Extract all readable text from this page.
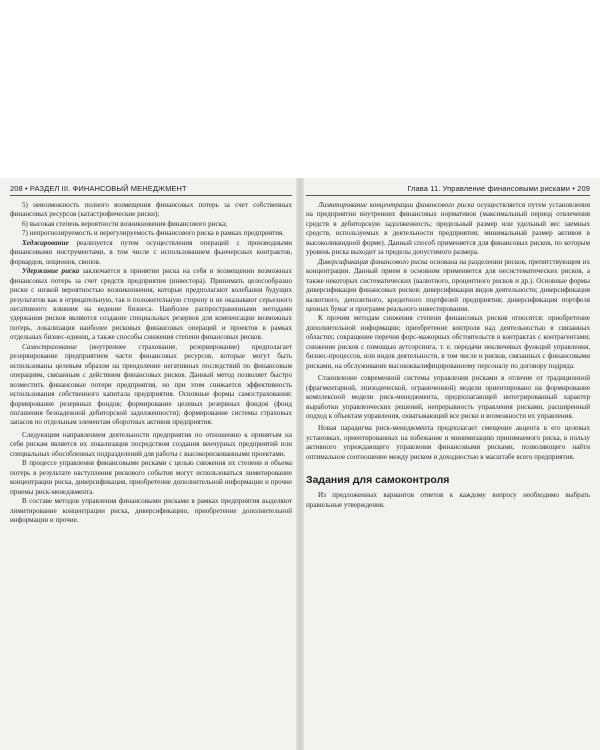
208 • РАЗДЕЛ III. ФИНАНСОВЫЙ МЕНЕДЖМЕНТ

5) невозможность полного возмещения финансовых потерь за счет собственных финансовых ресурсов (катастрофические риски);

6) высокая степень вероятности возникновения финансового риска;

7) непрогнозируемость и нерегулируемость финансового риска в рамках предприятия.

Хеджирование реализуется путем осуществления операций с производными финансовыми инструментами, в том числе с использованием фьючерсных контрактов, форвардов, опционов, свопов.

Удержание риска заключается в принятии риска на себя и возмещении возможных финансовых потерь за счет средств предприятия (инвестора). Принимать целесообразно риски с низкой вероятностью возникновения, которые предполагают колебания будущих результатов как в отрицательную, так и положительную сторону и не оказывают серьезного негативного влияния на ведение бизнеса. Наиболее распространенными методами удержания рисков являются создание специальных резервов для компенсации возможных потерь, локализация наиболее рисковых финансовых операций и проектов в рамках отдельных бизнес-единиц, а также способы снижения степени финансовых рисков.

Самострахование (внутреннее страхование, резервирование) предполагает резервирование предприятием части финансовых ресурсов, которые могут быть использованы целевым образом на преодоление негативных последствий по финансовым операциям, связанным с действием финансовых рисков. Данный метод позволяет быстро возместить финансовые потери предприятия, но при этом снижается эффективность использования собственного капитала предприятия. Основные формы самострахования: формирование резервных фондов; формирование целевых резервных фондов (фонд погашения безнадежной дебиторской задолженности); формирование системы страховых запасов по отдельным элементам оборотных активов предприятия.

Следующим направлением деятельности предприятия по отношению к принятым на себя рискам является их локализация посредством создания венчурных предприятий или специальных обособленных подразделений для работы с высокорискованными проектами.

В процессе управления финансовыми рисками с целью снижения их степени и объема потерь в результате наступления рискового события могут использоваться лимитирование концентрации риска, диверсификация, приобретение дополнительной информации и прочие приемы риск-менеджмента.

В составе методов управления финансовыми рисками в рамках предприятия выделяют лимитирование концентрации риска, диверсификацию, приобретение дополнительной информации и прочие.

Глава 11. Управление финансовыми рисками • 209

Лимитирование концентрации финансового риска осуществляется путем установления на предприятии внутренних финансовых нормативов (максимальный период отвлечения средств в дебиторскую задолженность; предельный размер или удельный вес заемных средств, используемых в деятельности предприятия; минимальный размер активов в высоколиквидной форме). Данный способ применяется для финансовых рисков, по которым уровень риска выходит за пределы допустимого размера.

Диверсификация финансового риска основана на разделении рисков, препятствующем их концентрации. Данный прием в основном применяется для несистематических рисков, а также некоторых систематических (валютного, процентного рисков и др.). Основные формы диверсификации финансовых рисков: диверсификация видов деятельности; диверсификация валютного, депозитного, кредитного портфелей предприятия; диверсификация портфеля ценных бумаг и программ реального инвестирования.

К прочим методам снижения степени финансовых рисков относятся: приобретение дополнительной информации; приобретение контроля над деятельностью в связанных областях; сокращение перечня форс-мажорных обстоятельств в контрактах с контрагентами; снижение рисков с помощью аутсорсинга, т. е. передачи неключевых функций управления, бизнес-процессов, или видов деятельности, в том числе и рисков, связанных с финансовыми рисками, на обслуживание высококвалифицированному персоналу по договору подряда.

Становление современной системы управления рисками в отличие от традиционной (фрагментарной, эпизодической, ограниченной) модели ориентировано на формирование комплексной модели риск-менеджмента, предполагающей интегрированный характер выработки управленческих решений, непрерывность управления рисками, расширенный подход к объектам управления, охватывающий все риски и возможности их управления.

Новая парадигма риск-менеджмента предполагает смещение акцента в его целевых установках, ориентированных на избежание и минимизацию принимаемого риска, в пользу активного упреждающего управления финансовыми рисками, позволяющего найти оптимальное соотношение между риском и доходностью в масштабе всего предприятия.

Задания для самоконтроля

Из предложенных вариантов ответов к каждому вопросу необходимо выбрать правильные утверждения.
